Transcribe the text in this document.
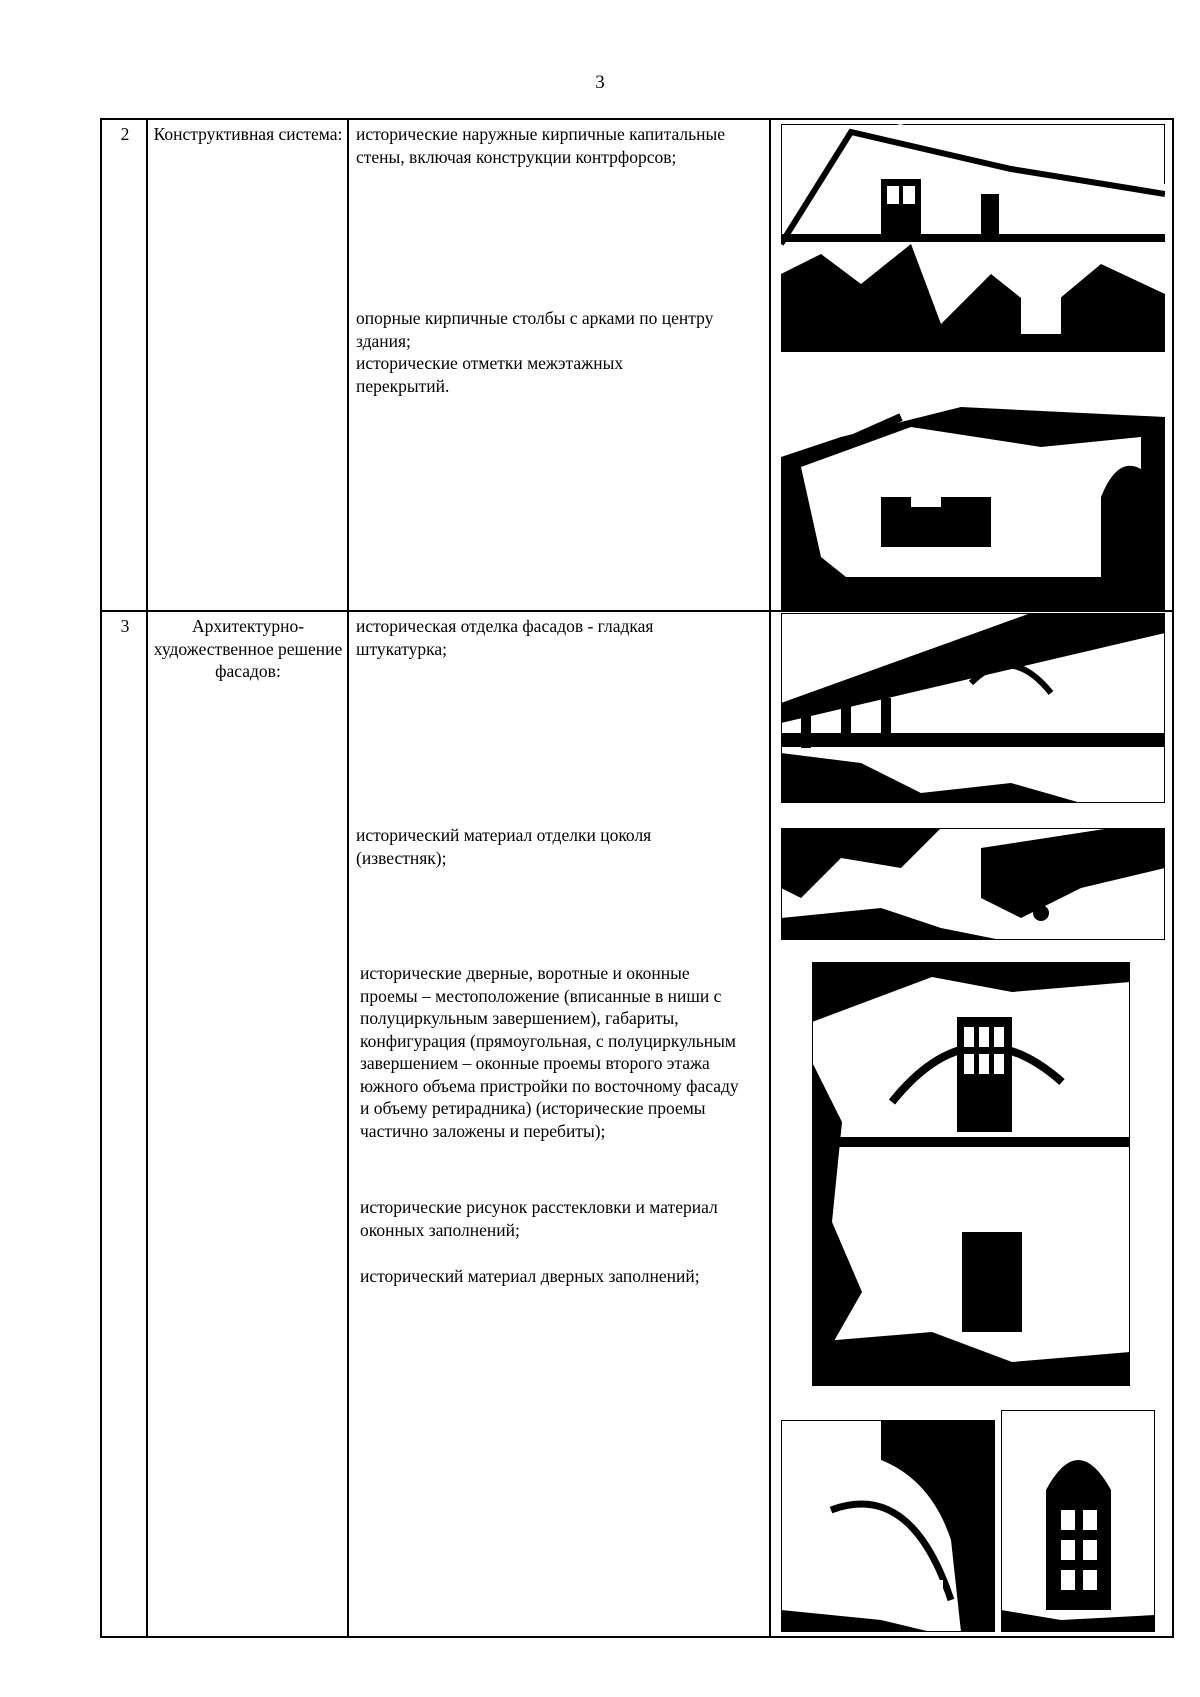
3
2	Конструктивная система: исторические наружные кирпичные капитальные стены, включая конструкции контрфорсов;
опорные кирпичные столбы с арками по центру здания;
исторические отметки межэтажных перекрытий.
3	Архитектурно-художественное решение фасадов:
историческая отделка фасадов - гладкая штукатурка;
исторический материал отделки цоколя (известняк);
исторические дверные, воротные и оконные проемы – местоположение (вписанные в ниши с полуциркульным завершением), габариты, конфигурация (прямоугольная, с полуциркульным завершением – оконные проемы второго этажа южного объема пристройки по восточному фасаду и объему ретирадника) (исторические проемы частично заложены и перебиты);
исторические рисунок расстекловки и материал оконных заполнений;
исторический материал дверных заполнений;
